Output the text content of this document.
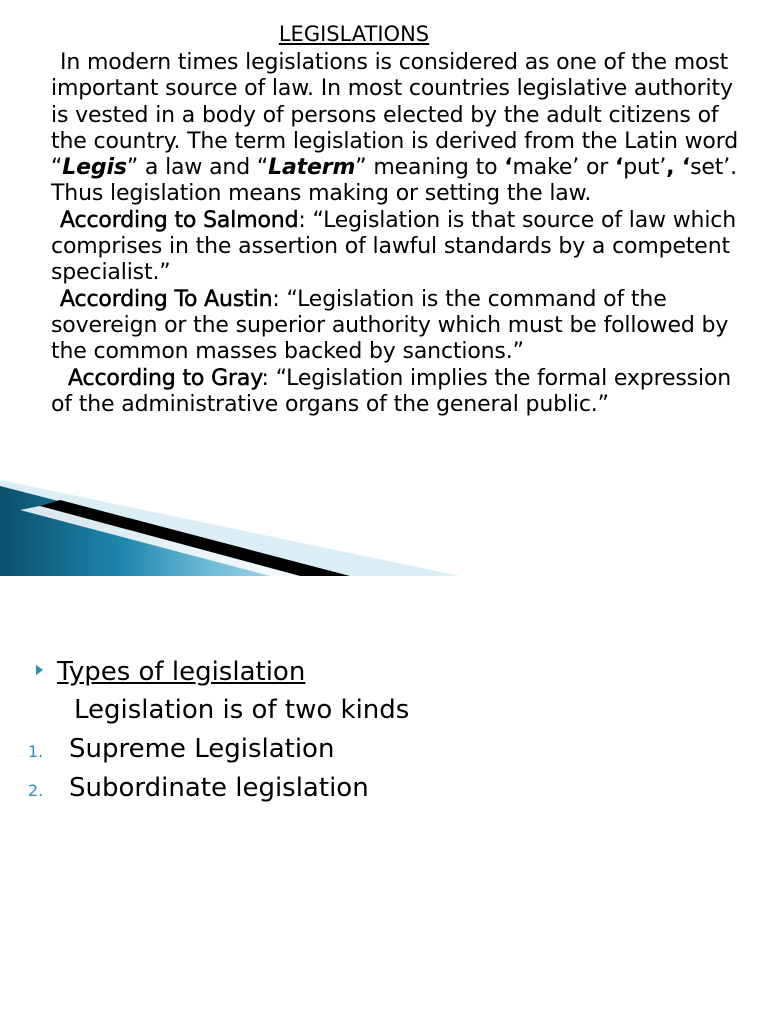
LEGISLATIONS

In modern times legislations is considered as one of the most important source of law. In most countries legislative authority is vested in a body of persons elected by the adult citizens of the country. The term legislation is derived from the Latin word “Legis” a law and “Laterm” meaning to ‘make’ or ‘put’, ‘set’. Thus legislation means making or setting the law.

According to Salmond: “Legislation is that source of law which comprises in the assertion of lawful standards by a competent specialist.”

According To Austin: “Legislation is the command of the sovereign or the superior authority which must be followed by the common masses backed by sanctions.”

According to Gray: “Legislation implies the formal expression of the administrative organs of the general public.”

Types of legislation
Legislation is of two kinds
1. Supreme Legislation
2. Subordinate legislation
